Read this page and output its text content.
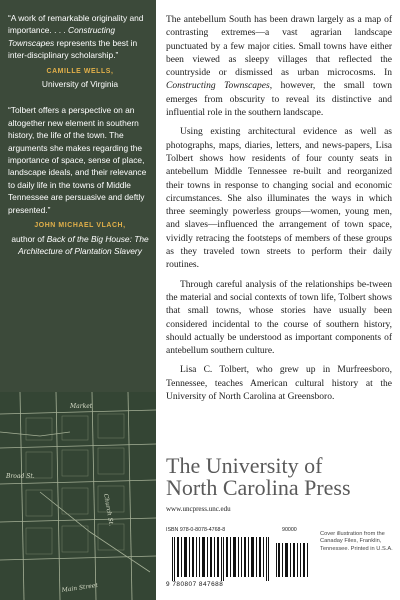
“A work of remarkable originality and importance. . . . Constructing Townscapes represents the best in inter-disciplinary scholarship.”

CAMILLE WELLS,
University of Virginia

“Tolbert offers a perspective on an altogether new element in southern history, the life of the town. The arguments she makes regarding the importance of space, sense of place, landscape ideals, and their relevance to daily life in the towns of Middle Tennessee are persuasive and deftly presented.”

JOHN MICHAEL VLACH,
author of Back of the Big House: The Architecture of Plantation Slavery

Market
Main Street
Church St.
Broad St.

The antebellum South has been drawn largely as a map of contrasting extremes—a vast agrarian landscape punctuated by a few major cities. Small towns have either been viewed as sleepy villages that reflected the countryside or dismissed as urban microcosms. In Constructing Townscapes, however, the small town emerges from obscurity to reveal its distinctive and influential role in the southern landscape.

Using existing architectural evidence as well as photographs, maps, diaries, letters, and news-papers, Lisa Tolbert shows how residents of four county seats in antebellum Middle Tennessee re-built and reorganized their towns in response to changing social and economic circumstances. She also illuminates the ways in which three seemingly powerless groups—women, young men, and slaves—influenced the arrangement of town space, vividly retracing the footsteps of members of these groups as they traveled town streets to perform their daily routines.

Through careful analysis of the relationships be-tween the material and social contexts of town life, Tolbert shows that small towns, whose stories have usually been considered incidental to the course of southern history, should actually be understood as important components of antebellum southern culture.

Lisa C. Tolbert, who grew up in Murfreesboro, Tennessee, teaches American cultural history at the University of North Carolina at Greensboro.

The University of
North Carolina Press
www.uncpress.unc.edu
ISBN 978-0-8078-4768-8	90000
9 780807 847688
Cover illustration from the Canaday Files, Franklin, Tennessee. Printed in U.S.A.
